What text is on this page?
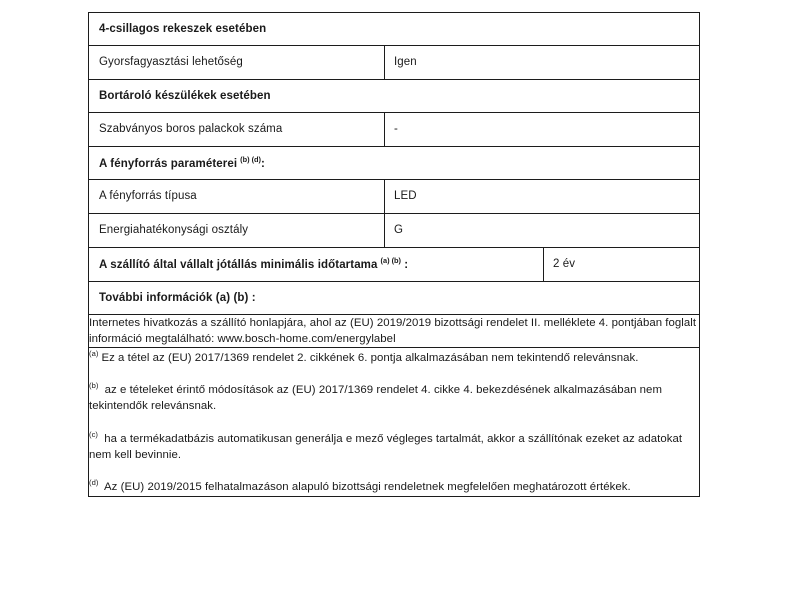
4-csillagos rekeszek esetében		

Gyorsfagyasztási lehetőség	Igen	

Bortároló készülékek esetében		

Szabványos boros palackok száma	-	

A fényforrás paraméterei $^{(b)}$ $^{(d)}$:		

A fényforrás típusa	LED	

Energiahatékonysági osztály	G	

A szállító által vállalt jótállás minimális időtartama $^{(a)}$ $^{(b)}$ :		2 év

További információk (a) (b) :		

Internetes hivatkozás a szállító honlapjára, ahol az (EU) 2019/2019 bizottsági rendelet II. melléklete 4. pontjában foglalt információ megtalálható: www.bosch-home.com/energylabel		

$^{(a)}$ Ez a tétel az (EU) 2017/1369 rendelet 2. cikkének 6. pontja alkalmazásában nem tekintendő relevánsnak.
$^{(b)}$ az e tételeket érintő módosítások az (EU) 2017/1369 rendelet 4. cikke 4. bekezdésének alkalmazásában nem tekintendők relevánsnak.
$^{(c)}$ ha a termékadatbázis automatikusan generálja e mező végleges tartalmát, akkor a szállítónak ezeket az adatokat nem kell bevinnie.
$^{(d)}$ Az (EU) 2019/2015 felhatalmazáson alapuló bizottsági rendeletnek megfelelően meghatározott értékek.		
